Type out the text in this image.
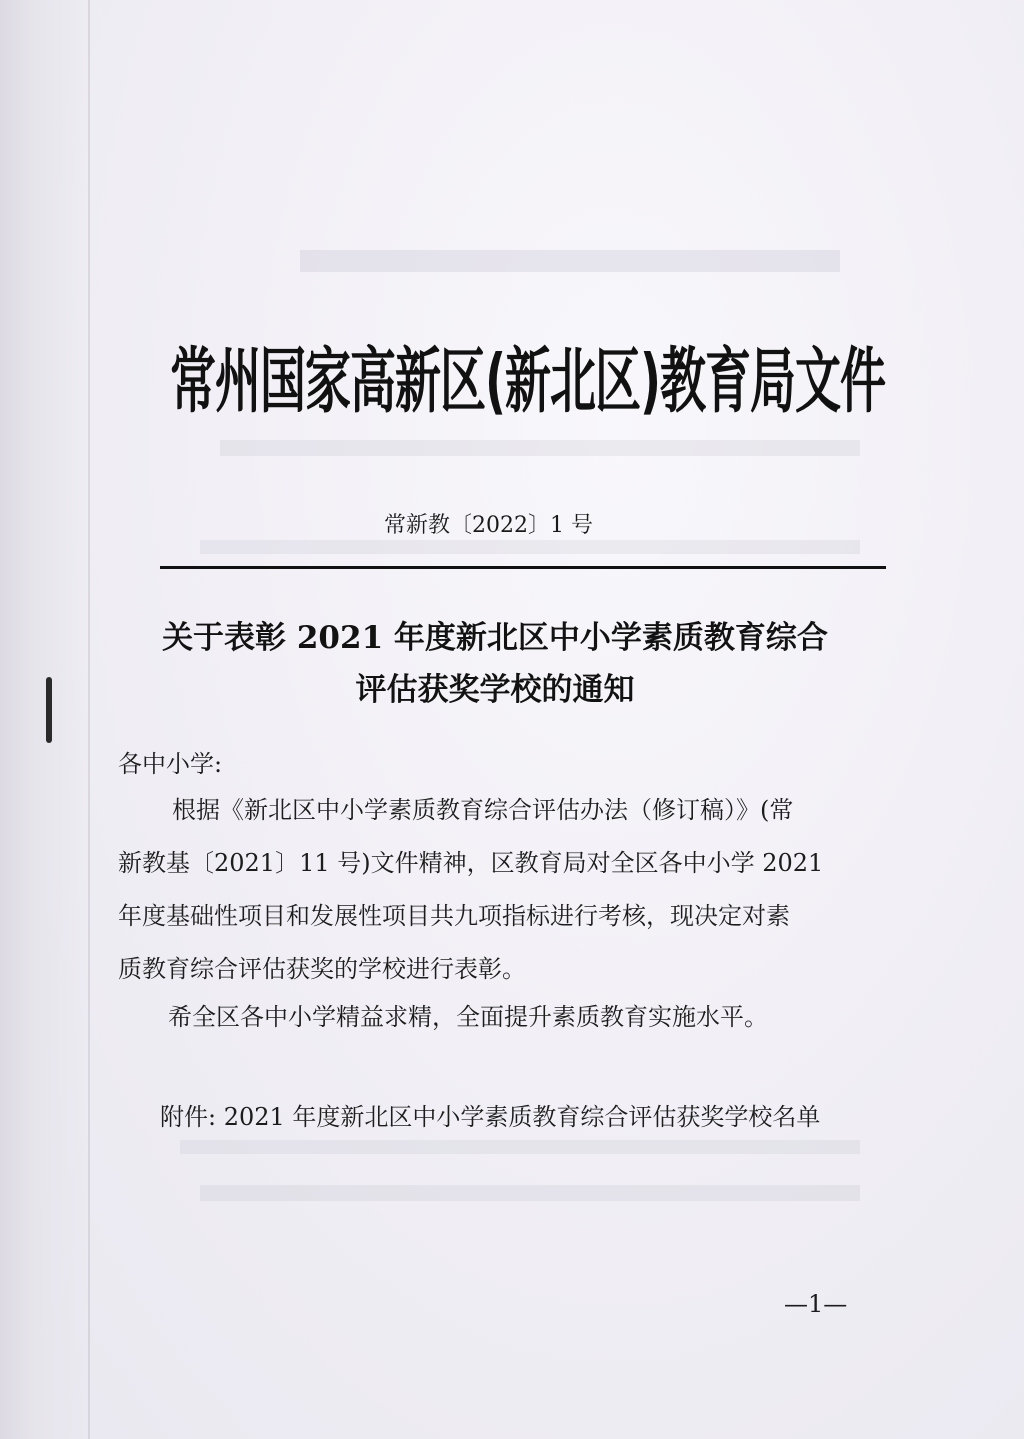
常州国家高新区(新北区)教育局文件
常新教〔2022〕1 号
关于表彰 2021 年度新北区中小学素质教育综合
评估获奖学校的通知
各中小学:
根据《新北区中小学素质教育综合评估办法（修订稿）》(常
新教基〔2021〕11 号)文件精神，区教育局对全区各中小学 2021
年度基础性项目和发展性项目共九项指标进行考核，现决定对素
质教育综合评估获奖的学校进行表彰。
希全区各中小学精益求精，全面提升素质教育实施水平。
附件: 2021 年度新北区中小学素质教育综合评估获奖学校名单
—1—
